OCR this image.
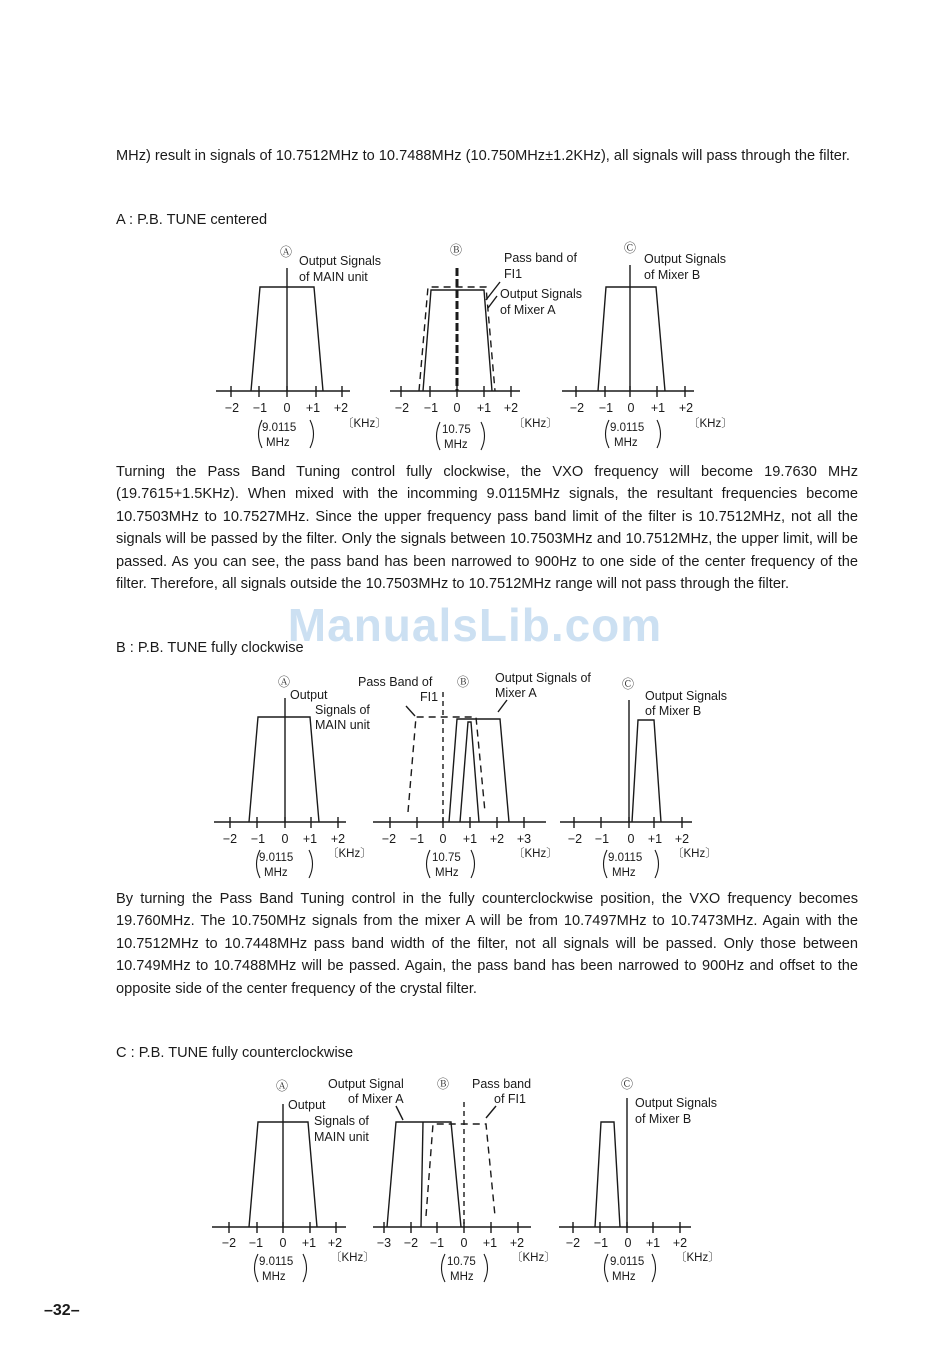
MHz) result in signals of 10.7512MHz to 10.7488MHz (10.750MHz±1.2KHz), all signals will pass through the filter.

A : P.B. TUNE centered

Ⓐ	Ⓑ	Ⓒ
Output Signals
of MAIN unit
Pass band of
FI1
Output Signals
of Mixer A
Output Signals
of Mixer B
−2 −1 0 +1 +2	−2 −1 0 +1 +2	−2 −1 0 +1 +2
9.0115
MHz
〔KHz〕	10.75
MHz
〔KHz〕	9.0115
MHz
〔KHz〕

Turning the Pass Band Tuning control fully clockwise, the VXO frequency will become 19.7630 MHz (19.7615+1.5KHz). When mixed with the incomming 9.0115MHz signals, the resultant frequencies become 10.7503MHz to 10.7527MHz. Since the upper frequency pass band limit of the filter is 10.7512MHz, not all the signals will be passed by the filter. Only the signals between 10.7503MHz and 10.7512MHz, the upper limit, will be passed. As you can see, the pass band has been narrowed to 900Hz to one side of the center frequency of the filter. Therefore, all signals outside the 10.7503MHz to 10.7512MHz range will not pass through the filter.

ManualsLib.com

B : P.B. TUNE fully clockwise

Ⓐ	Ⓑ	Ⓒ
Output
Signals of
MAIN unit
Pass Band of
FI1
Output Signals of
Mixer A	Output Signals
of Mixer B
−2 −1 0 +1 +2	−2 −1 0 +1 +2 +3	−2 −1 0 +1 +2
9.0115
MHz
〔KHz〕	10.75
MHz
〔KHz〕	9.0115
MHz
〔KHz〕

By turning the Pass Band Tuning control in the fully counterclockwise position, the VXO frequency becomes 19.760MHz. The 10.750MHz signals from the mixer A will be from 10.7497MHz to 10.7473MHz. Again with the 10.7512MHz to 10.7448MHz pass band width of the filter, not all signals will be passed. Only those between 10.749MHz to 10.7488MHz will be passed. Again, the pass band has been narrowed to 900Hz and offset to the opposite side of the center frequency of the crystal filter.

C : P.B. TUNE fully counterclockwise

Ⓐ	Ⓑ	Ⓒ
Output
Signals of
MAIN unit
Output Signal
of Mixer A
Pass band
of FI1	Output Signals
of Mixer B
−2 −1 0 +1 +2	−3 −2 −1 0 +1 +2	−2 −1 0 +1 +2
9.0115
MHz
〔KHz〕	10.75
MHz
〔KHz〕	9.0115
MHz
〔KHz〕
–32–
